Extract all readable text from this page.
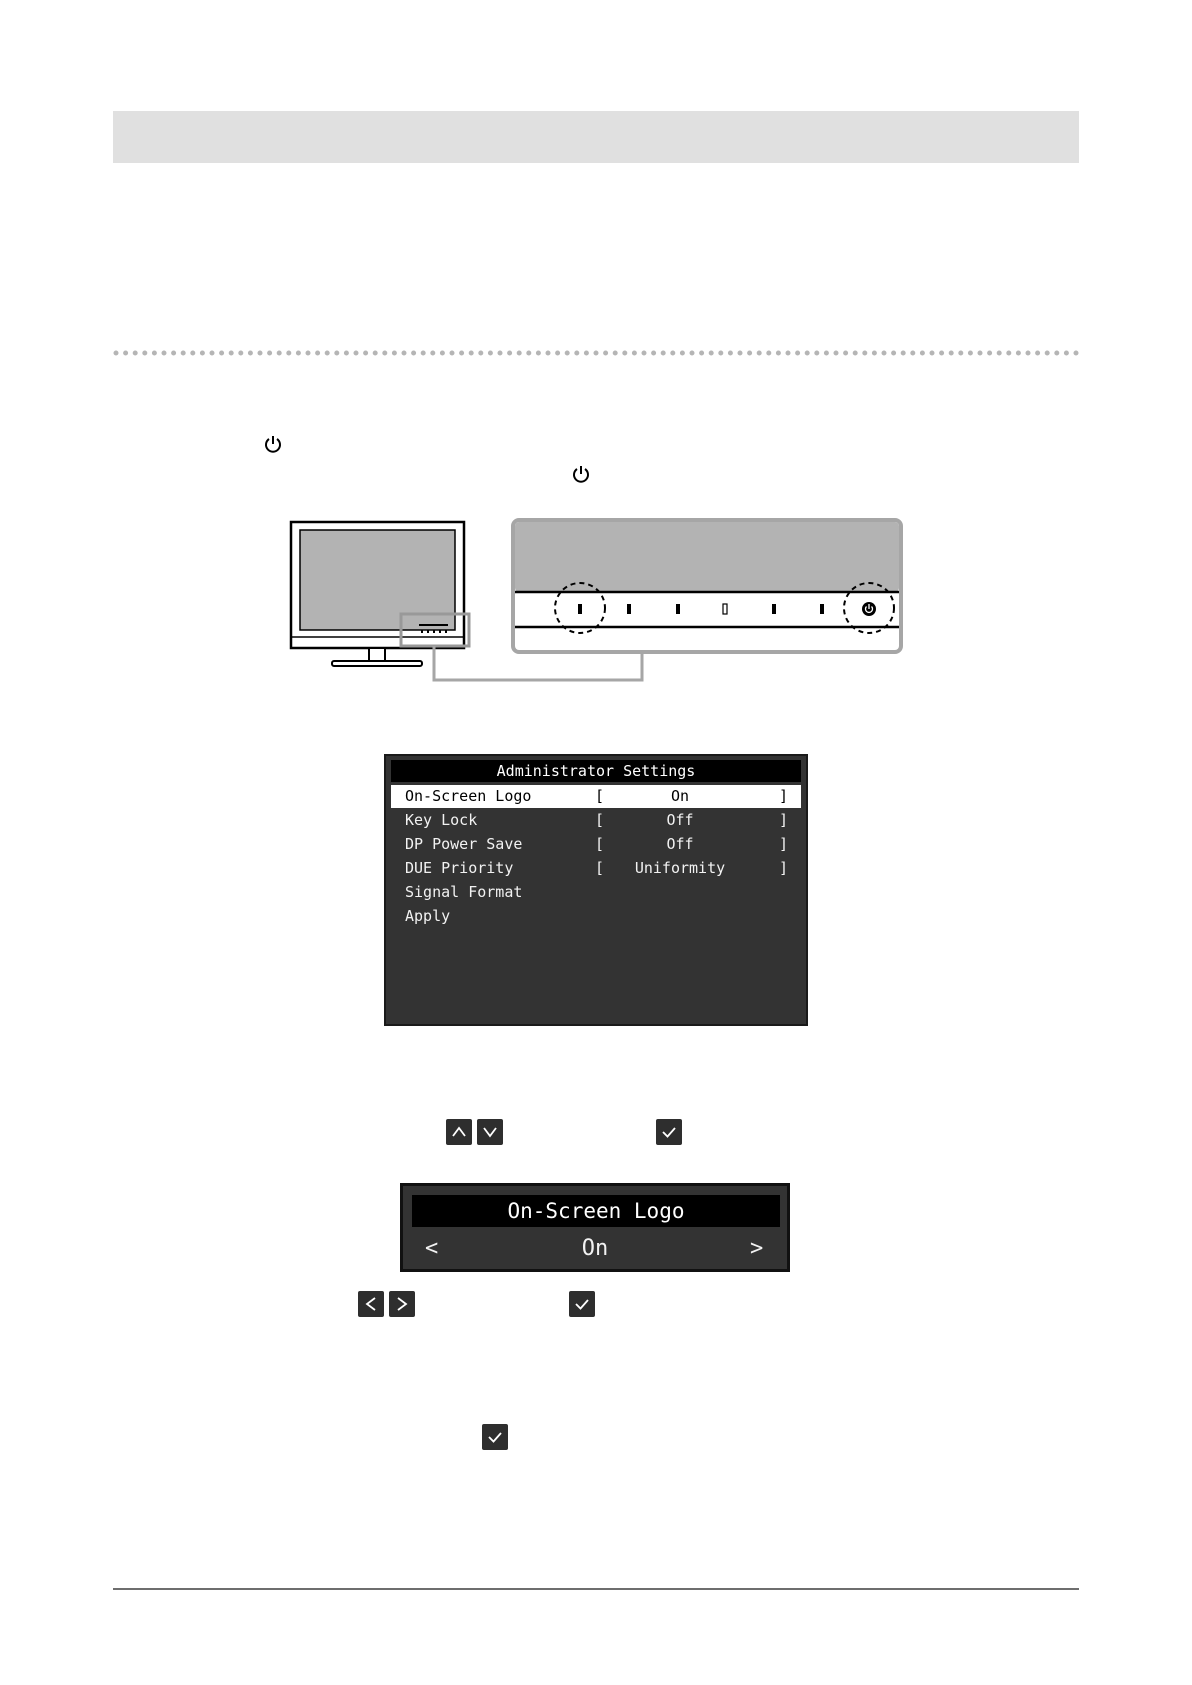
Administrator Settings
On-Screen Logo	[	On	]
Key Lock	[	Off	]
DP Power Save	[	Off	]
DUE Priority	[	Uniformity	]
Signal Format
Apply
On-Screen Logo
<	On	>
